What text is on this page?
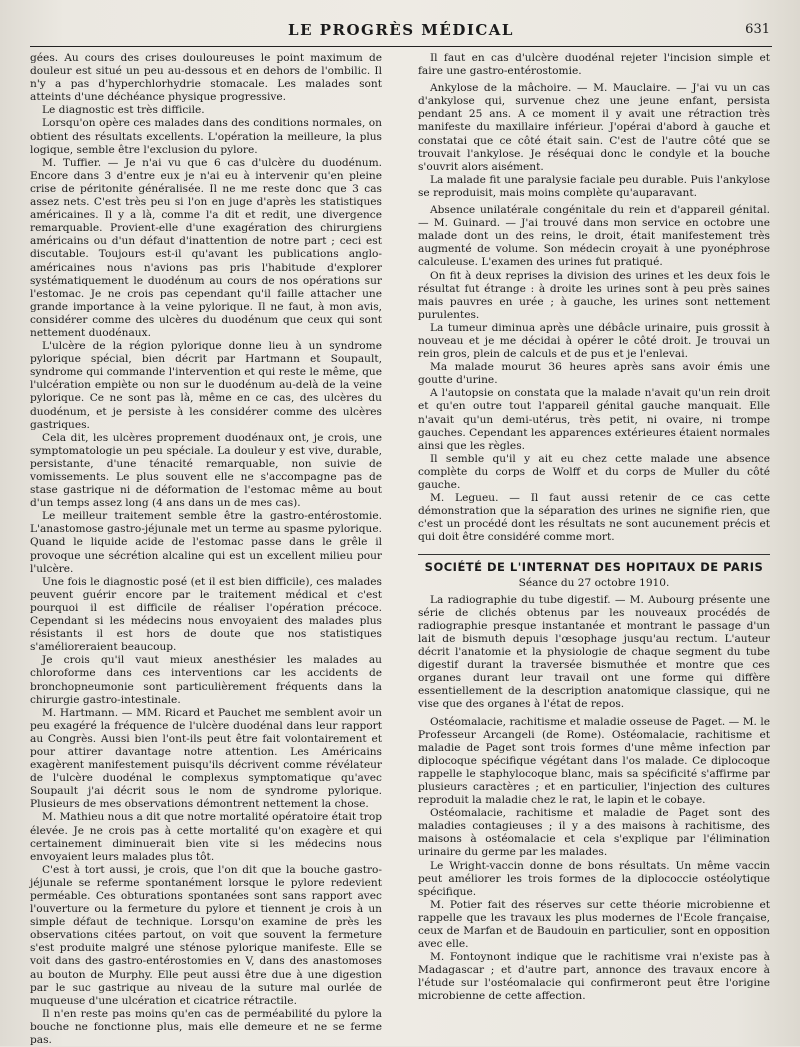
LE PROGRÈS MÉDICAL	631

gées. Au cours des crises douloureuses le point maximum de douleur est situé un peu au-dessous et en dehors de l'ombilic. Il n'y a pas d'hyperchlorhydrie stomacale. Les malades sont atteints d'une déchéance physique progressive.

Le diagnostic est très difficile.

Lorsqu'on opère ces malades dans des conditions normales, on obtient des résultats excellents. L'opération la meilleure, la plus logique, semble être l'exclusion du pylore.

M. Tuffier. — Je n'ai vu que 6 cas d'ulcère du duodénum. Encore dans 3 d'entre eux je n'ai eu à intervenir qu'en pleine crise de péritonite généralisée. Il ne me reste donc que 3 cas assez nets. C'est très peu si l'on en juge d'après les statistiques américaines. Il y a là, comme l'a dit et redit, une divergence remarquable. Provient-elle d'une exagération des chirurgiens américains ou d'un défaut d'inattention de notre part ; ceci est discutable. Toujours est-il qu'avant les publications anglo-américaines nous n'avions pas pris l'habitude d'explorer systématiquement le duodénum au cours de nos opérations sur l'estomac. Je ne crois pas cependant qu'il faille attacher une grande importance à la veine pylorique. Il ne faut, à mon avis, considérer comme des ulcères du duodénum que ceux qui sont nettement duodénaux.

L'ulcère de la région pylorique donne lieu à un syndrome pylorique spécial, bien décrit par Hartmann et Soupault, syndrome qui commande l'intervention et qui reste le même, que l'ulcération empiète ou non sur le duodénum au-delà de la veine pylorique. Ce ne sont pas là, même en ce cas, des ulcères du duodénum, et je persiste à les considérer comme des ulcères gastriques.

Cela dit, les ulcères proprement duodénaux ont, je crois, une symptomatologie un peu spéciale. La douleur y est vive, durable, persistante, d'une ténacité remarquable, non suivie de vomissements. Le plus souvent elle ne s'accompagne pas de stase gastrique ni de déformation de l'estomac même au bout d'un temps assez long (4 ans dans un de mes cas).

Le meilleur traitement semble être la gastro-entérostomie. L'anastomose gastro-jéjunale met un terme au spasme pylorique. Quand le liquide acide de l'estomac passe dans le grêle il provoque une sécrétion alcaline qui est un excellent milieu pour l'ulcère.

Une fois le diagnostic posé (et il est bien difficile), ces malades peuvent guérir encore par le traitement médical et c'est pourquoi il est difficile de réaliser l'opération précoce. Cependant si les médecins nous envoyaient des malades plus résistants il est hors de doute que nos statistiques s'amélioreraient beaucoup.

Je crois qu'il vaut mieux anesthésier les malades au chloroforme dans ces interventions car les accidents de bronchopneumonie sont particulièrement fréquents dans la chirurgie gastro-intestinale.

M. Hartmann. — MM. Ricard et Pauchet me semblent avoir un peu exagéré la fréquence de l'ulcère duodénal dans leur rapport au Congrès. Aussi bien l'ont-ils peut être fait volontairement et pour attirer davantage notre attention. Les Américains exagèrent manifestement puisqu'ils décrivent comme révélateur de l'ulcère duodénal le complexus symptomatique qu'avec Soupault j'ai décrit sous le nom de syndrome pylorique. Plusieurs de mes observations démontrent nettement la chose.

M. Mathieu nous a dit que notre mortalité opératoire était trop élevée. Je ne crois pas à cette mortalité qu'on exagère et qui certainement diminuerait bien vite si les médecins nous envoyaient leurs malades plus tôt.

C'est à tort aussi, je crois, que l'on dit que la bouche gastro-jéjunale se referme spontanément lorsque le pylore redevient perméable. Ces obturations spontanées sont sans rapport avec l'ouverture ou la fermeture du pylore et tiennent je crois à un simple défaut de technique. Lorsqu'on examine de près les observations citées partout, on voit que souvent la fermeture s'est produite malgré une sténose pylorique manifeste. Elle se voit dans des gastro-entérostomies en V, dans des anastomoses au bouton de Murphy. Elle peut aussi être due à une digestion par le suc gastrique au niveau de la suture mal ourlée de muqueuse d'une ulcération et cicatrice rétractile.

Il n'en reste pas moins qu'en cas de perméabilité du pylore la bouche ne fonctionne plus, mais elle demeure et ne se ferme pas.

Il faut en cas d'ulcère duodénal rejeter l'incision simple et faire une gastro-entérostomie.

Ankylose de la mâchoire. — M. Mauclaire. — J'ai vu un cas d'ankylose qui, survenue chez une jeune enfant, persista pendant 25 ans. A ce moment il y avait une rétraction très manifeste du maxillaire inférieur. J'opérai d'abord à gauche et constatai que ce côté était sain. C'est de l'autre côté que se trouvait l'ankylose. Je réséquai donc le condyle et la bouche s'ouvrit alors aisément.

La malade fit une paralysie faciale peu durable. Puis l'ankylose se reproduisit, mais moins complète qu'auparavant.

Absence unilatérale congénitale du rein et d'appareil génital. — M. Guinard. — J'ai trouvé dans mon service en octobre une malade dont un des reins, le droit, était manifestement très augmenté de volume. Son médecin croyait à une pyonéphrose calculeuse. L'examen des urines fut pratiqué.

On fit à deux reprises la division des urines et les deux fois le résultat fut étrange : à droite les urines sont à peu près saines mais pauvres en urée ; à gauche, les urines sont nettement purulentes.

La tumeur diminua après une débâcle urinaire, puis grossit à nouveau et je me décidai à opérer le côté droit. Je trouvai un rein gros, plein de calculs et de pus et je l'enlevai.

Ma malade mourut 36 heures après sans avoir émis une goutte d'urine.

A l'autopsie on constata que la malade n'avait qu'un rein droit et qu'en outre tout l'appareil génital gauche manquait. Elle n'avait qu'un demi-utérus, très petit, ni ovaire, ni trompe gauches. Cependant les apparences extérieures étaient normales ainsi que les règles.

Il semble qu'il y ait eu chez cette malade une absence complète du corps de Wolff et du corps de Muller du côté gauche.

M. Legueu. — Il faut aussi retenir de ce cas cette démonstration que la séparation des urines ne signifie rien, que c'est un procédé dont les résultats ne sont aucunement précis et qui doit être considéré comme mort.

SOCIÉTÉ DE L'INTERNAT DES HOPITAUX DE PARIS
Séance du 27 octobre 1910.

La radiographie du tube digestif. — M. Aubourg présente une série de clichés obtenus par les nouveaux procédés de radiographie presque instantanée et montrant le passage d'un lait de bismuth depuis l'œsophage jusqu'au rectum. L'auteur décrit l'anatomie et la physiologie de chaque segment du tube digestif durant la traversée bismuthée et montre que ces organes durant leur travail ont une forme qui diffère essentiellement de la description anatomique classique, qui ne vise que des organes à l'état de repos.

Ostéomalacie, rachitisme et maladie osseuse de Paget. — M. le Professeur Arcangeli (de Rome). Ostéomalacie, rachitisme et maladie de Paget sont trois formes d'une même infection par diplocoque spécifique végétant dans l'os malade. Ce diplocoque rappelle le staphylocoque blanc, mais sa spécificité s'affirme par plusieurs caractères ; et en particulier, l'injection des cultures reproduit la maladie chez le rat, le lapin et le cobaye.

Ostéomalacie, rachitisme et maladie de Paget sont des maladies contagieuses ; il y a des maisons à rachitisme, des maisons à ostéomalacie et cela s'explique par l'élimination urinaire du germe par les malades.

Le Wright-vaccin donne de bons résultats. Un même vaccin peut améliorer les trois formes de la diplococcie ostéolytique spécifique.

M. Potier fait des réserves sur cette théorie microbienne et rappelle que les travaux les plus modernes de l'Ecole française, ceux de Marfan et de Baudouin en particulier, sont en opposition avec elle.

M. Fontoynont indique que le rachitisme vrai n'existe pas à Madagascar ; et d'autre part, annonce des travaux encore à l'étude sur l'ostéomalacie qui confirmeront peut être l'origine microbienne de cette affection.
